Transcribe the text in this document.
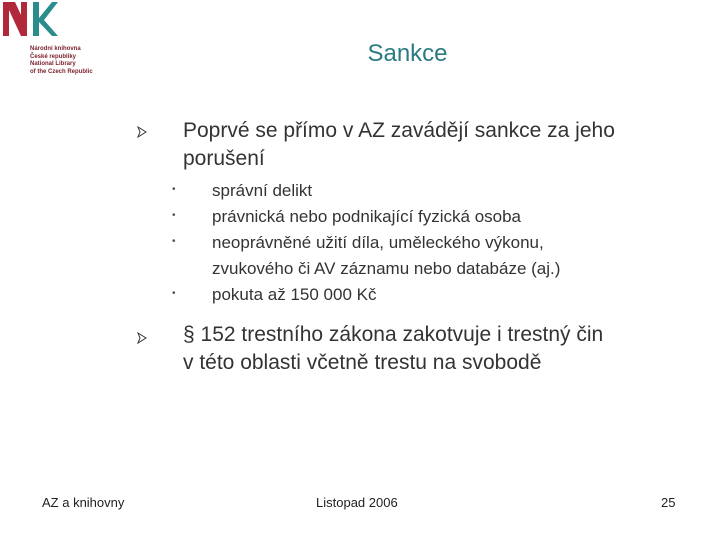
Národní knihovna
České republiky
National Library
of the Czech Republic
Sankce
Poprvé se přímo v AZ zavádějí sankce za jeho
porušení
• správní delikt
• právnická nebo podnikající fyzická osoba
• neoprávněné užití díla, uměleckého výkonu,
zvukového či AV záznamu nebo databáze (aj.)
• pokuta až 150 000 Kč
§ 152 trestního zákona zakotvuje i trestný čin
v této oblasti včetně trestu na svobodě
AZ a knihovny	Listopad 2006	25
